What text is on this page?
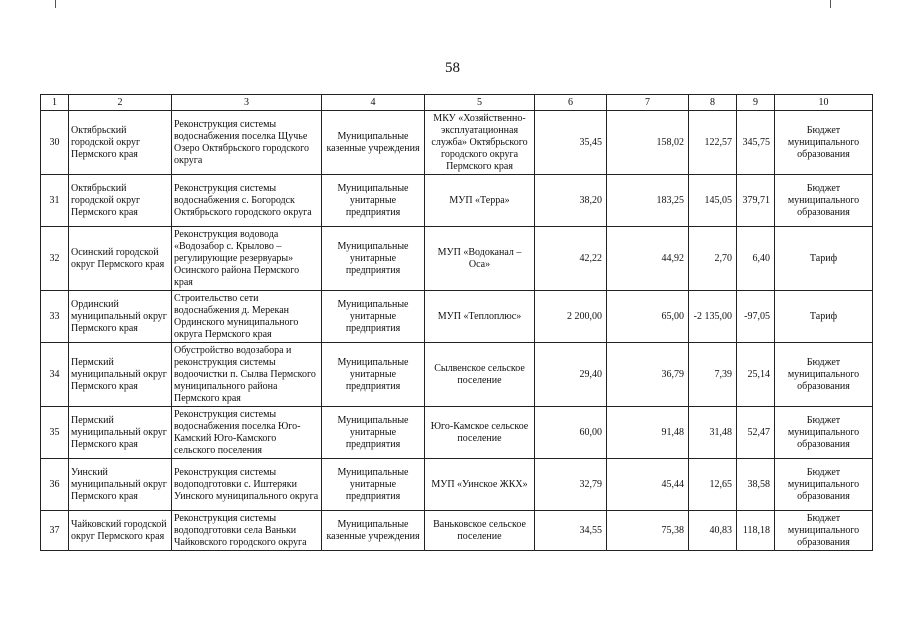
58
1	2	3	4	5	6	7	8	9	10
30	Октябрьский городской округ Пермского края	Реконструкция системы водоснабжения поселка Щучье Озеро Октябрьского городского округа	Муниципальные казенные учреждения	МКУ «Хозяйственно-эксплуатационная служба» Октябрьского городского округа Пермского края	35,45	158,02	122,57	345,75	Бюджет муниципального образования
31	Октябрьский городской округ Пермского края	Реконструкция системы водоснабжения с. Богородск Октябрьского городского округа	Муниципальные унитарные предприятия	МУП «Терра»	38,20	183,25	145,05	379,71	Бюджет муниципального образования
32	Осинский городской округ Пермского края	Реконструкция водовода «Водозабор с. Крылово – регулирующие резервуары» Осинского района Пермского края	Муниципальные унитарные предприятия	МУП «Водоканал – Оса»	42,22	44,92	2,70	6,40	Тариф
33	Ординский муниципальный округ Пермского края	Строительство сети водоснабжения д. Мерекан Ординского муниципального округа Пермского края	Муниципальные унитарные предприятия	МУП «Теплоплюс»	2 200,00	65,00	-2 135,00	-97,05	Тариф
34	Пермский муниципальный округ Пермского края	Обустройство водозабора и реконструкция системы водоочистки п. Сылва Пермского муниципального района Пермского края	Муниципальные унитарные предприятия	Сылвенское сельское поселение	29,40	36,79	7,39	25,14	Бюджет муниципального образования
35	Пермский муниципальный округ Пермского края	Реконструкция системы водоснабжения поселка Юго-Камский Юго-Камского сельского поселения	Муниципальные унитарные предприятия	Юго-Камское сельское поселение	60,00	91,48	31,48	52,47	Бюджет муниципального образования
36	Уинский муниципальный округ Пермского края	Реконструкция системы водоподготовки с. Иштеряки Уинского муниципального округа	Муниципальные унитарные предприятия	МУП «Уинское ЖКХ»	32,79	45,44	12,65	38,58	Бюджет муниципального образования
37	Чайковский городской округ Пермского края	Реконструкция системы водоподготовки села Ваньки Чайковского городского округа	Муниципальные казенные учреждения	Ваньковское сельское поселение	34,55	75,38	40,83	118,18	Бюджет муниципального образования
